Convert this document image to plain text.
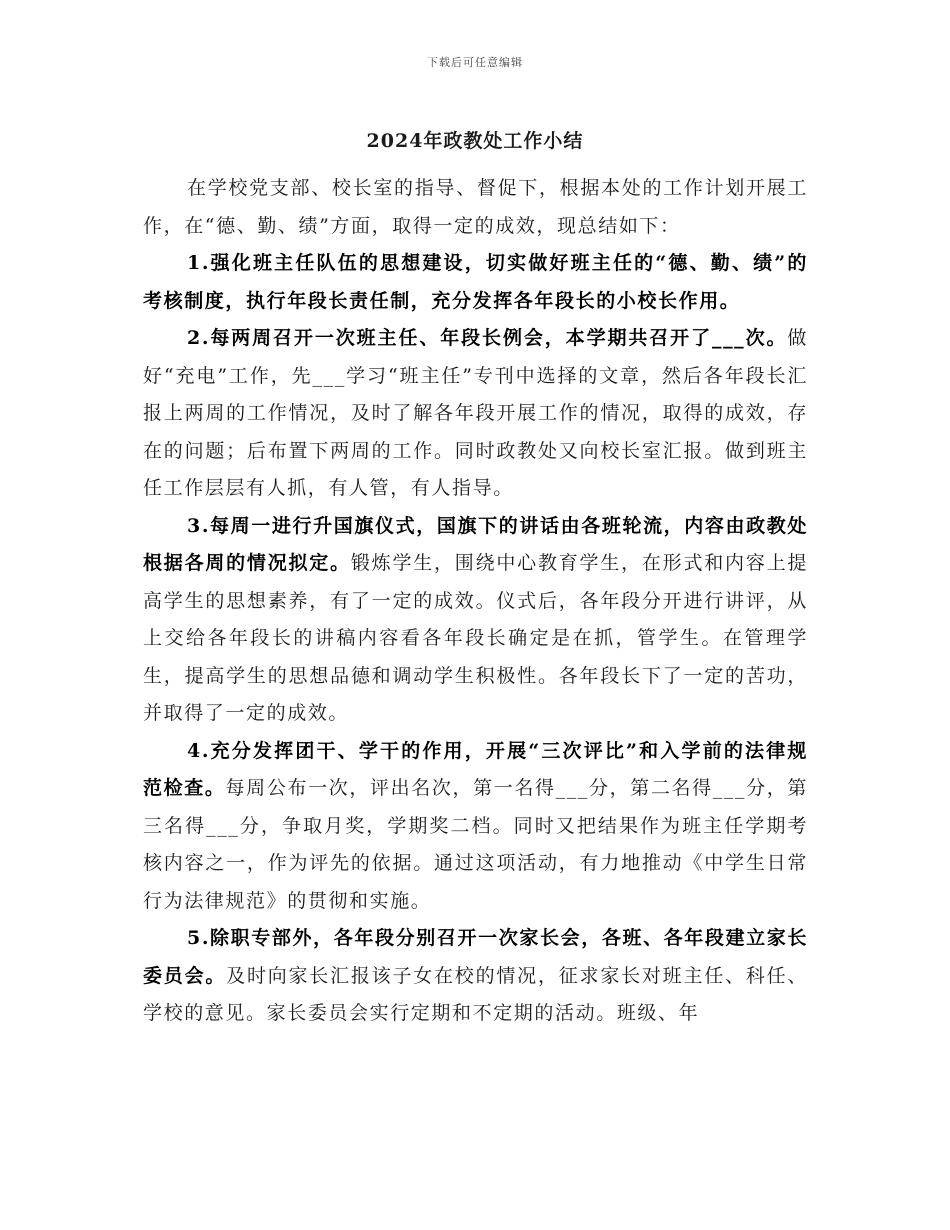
下载后可任意编辑
2024年政教处工作小结

在学校党支部、校长室的指导、督促下，根据本处的工作计划开展工作，在“德、勤、绩”方面，取得一定的成效，现总结如下：

1.强化班主任队伍的思想建设，切实做好班主任的“德、勤、绩”的考核制度，执行年段长责任制，充分发挥各年段长的小校长作用。

2.每两周召开一次班主任、年段长例会，本学期共召开了___次。做好“充电”工作，先___学习“班主任”专刊中选择的文章，然后各年段长汇报上两周的工作情况，及时了解各年段开展工作的情况，取得的成效，存在的问题；后布置下两周的工作。同时政教处又向校长室汇报。做到班主任工作层层有人抓，有人管，有人指导。

3.每周一进行升国旗仪式，国旗下的讲话由各班轮流，内容由政教处根据各周的情况拟定。锻炼学生，围绕中心教育学生，在形式和内容上提高学生的思想素养，有了一定的成效。仪式后，各年段分开进行讲评，从上交给各年段长的讲稿内容看各年段长确定是在抓，管学生。在管理学生，提高学生的思想品德和调动学生积极性。各年段长下了一定的苦功，并取得了一定的成效。

4.充分发挥团干、学干的作用，开展“三次评比”和入学前的法律规范检查。每周公布一次，评出名次，第一名得___分，第二名得___分，第三名得___分，争取月奖，学期奖二档。同时又把结果作为班主任学期考核内容之一，作为评先的依据。通过这项活动，有力地推动《中学生日常行为法律规范》的贯彻和实施。

5.除职专部外，各年段分别召开一次家长会，各班、各年段建立家长委员会。及时向家长汇报该子女在校的情况，征求家长对班主任、科任、学校的意见。家长委员会实行定期和不定期的活动。班级、年
